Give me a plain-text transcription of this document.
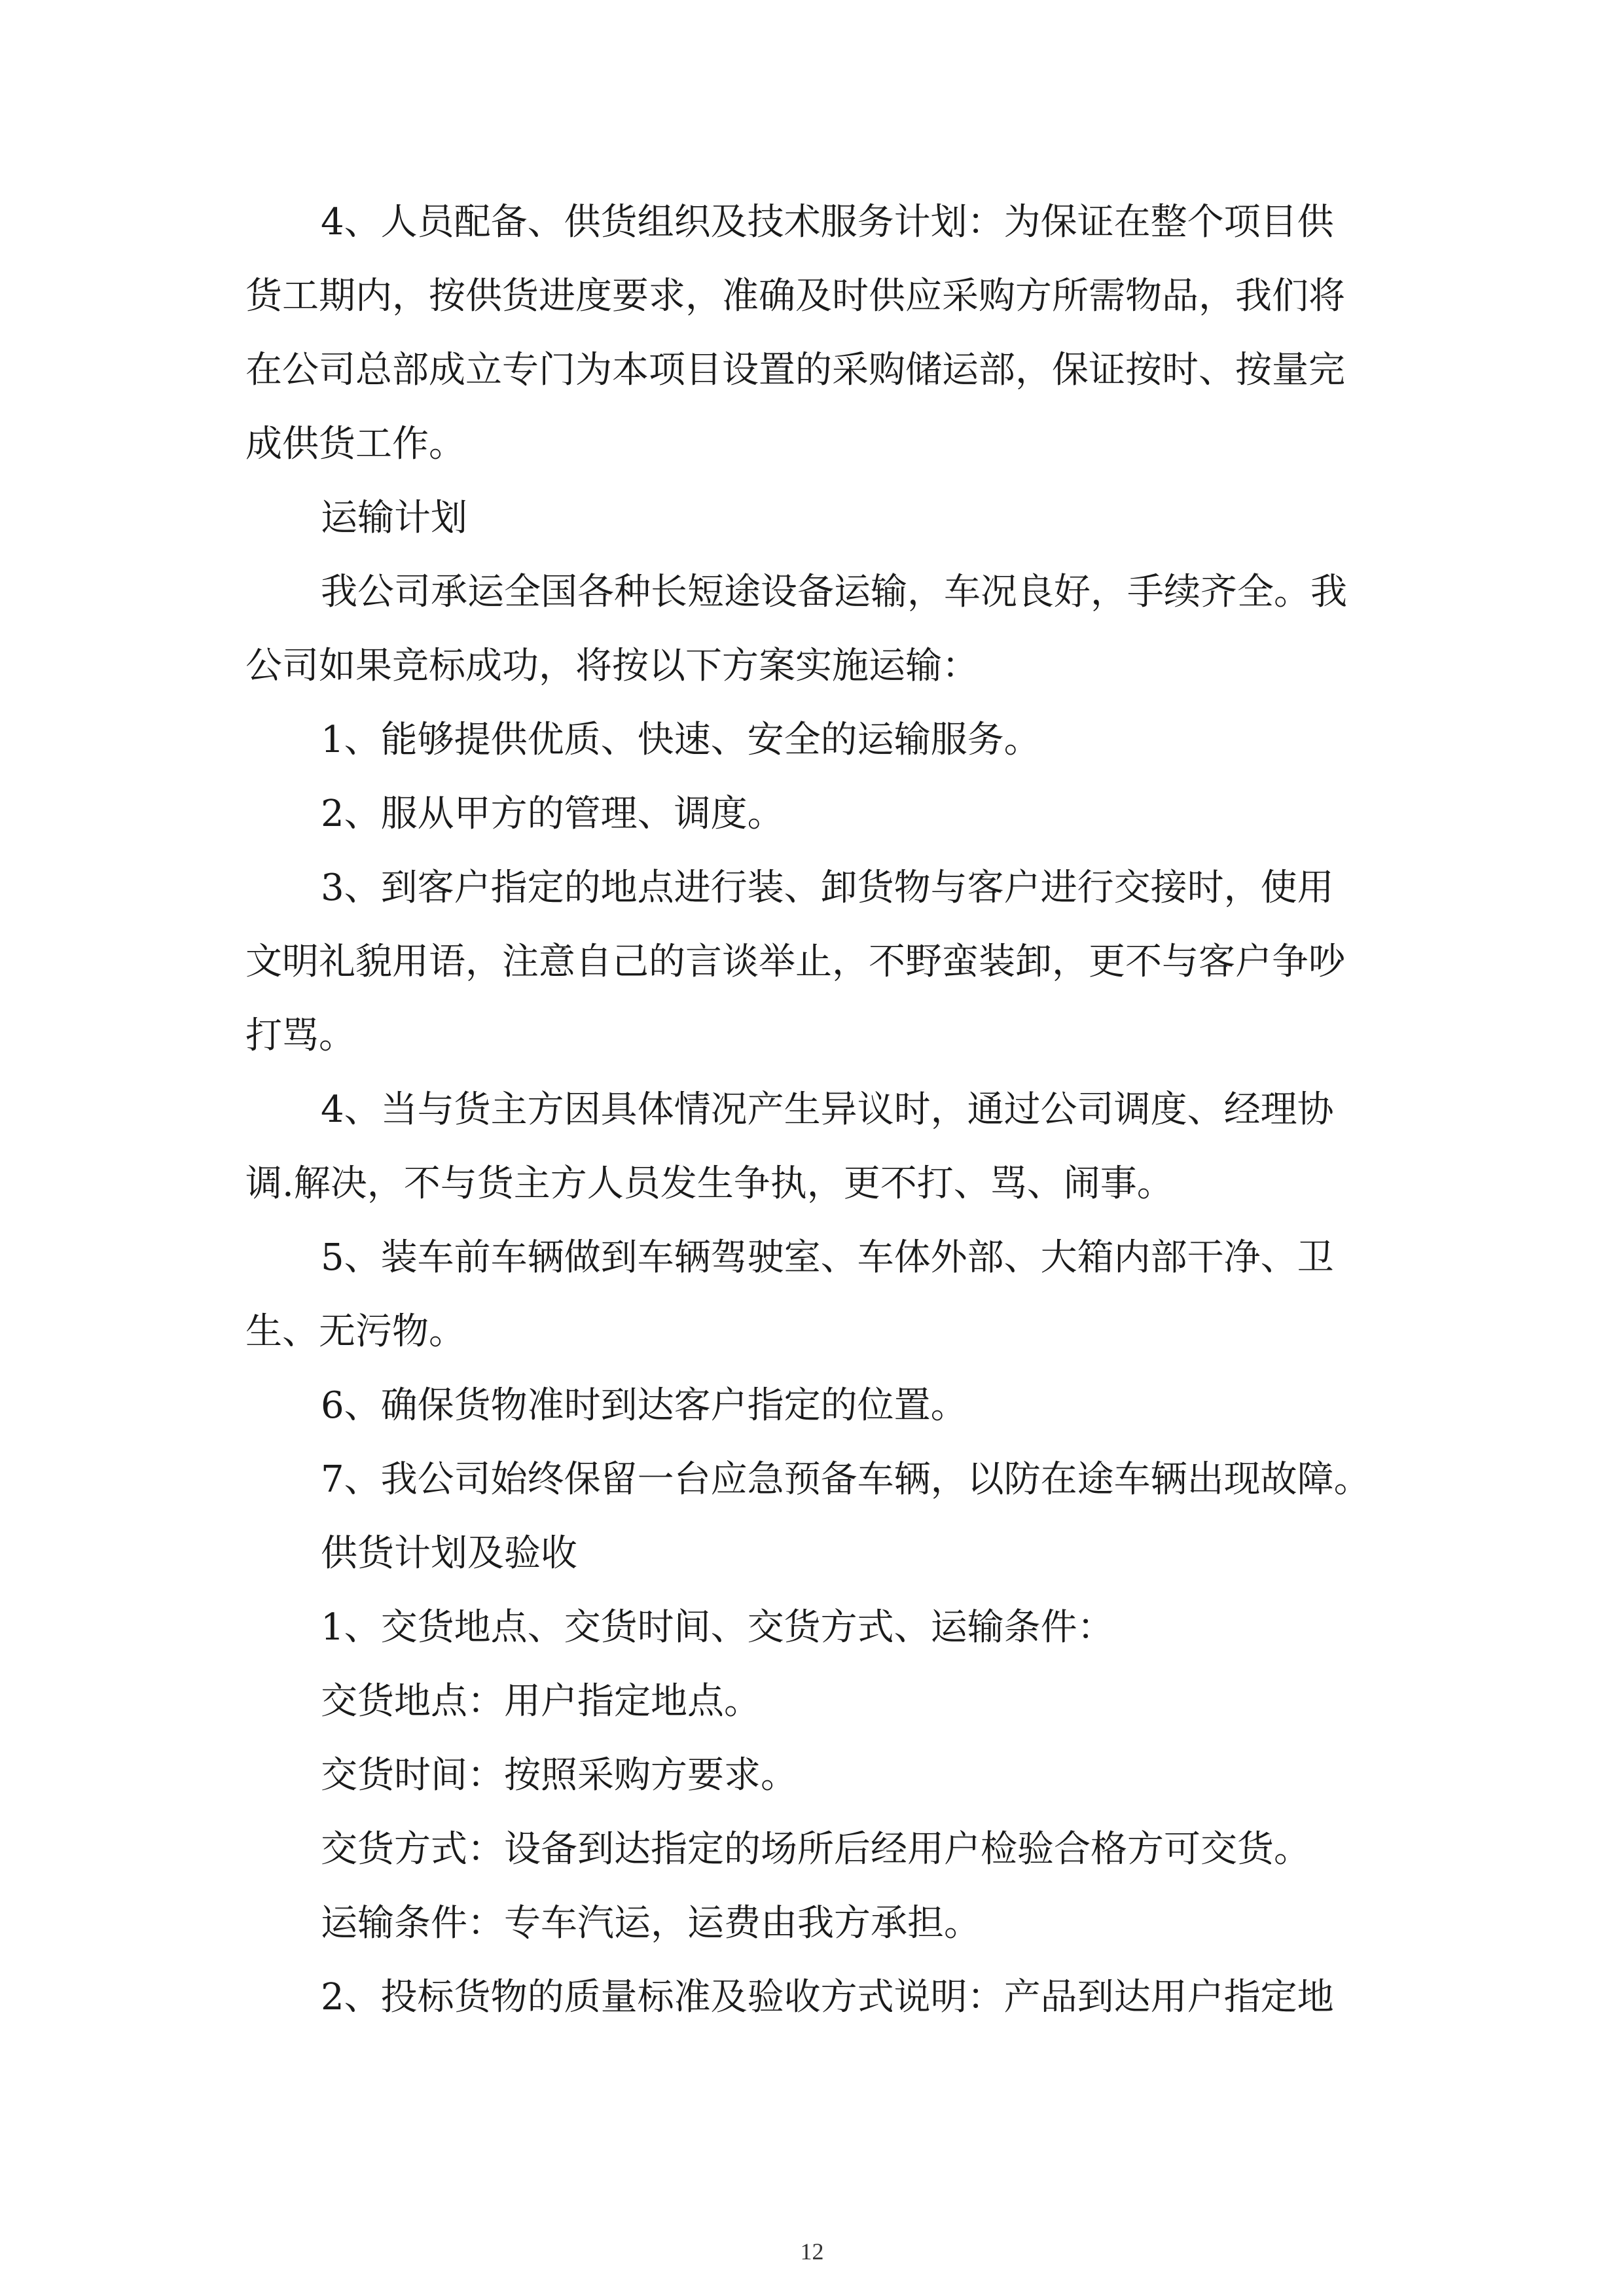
4、人员配备、供货组织及技术服务计划：为保证在整个项目供

货工期内，按供货进度要求，准确及时供应采购方所需物品，我们将

在公司总部成立专门为本项目设置的采购储运部，保证按时、按量完

成供货工作。

运输计划

我公司承运全国各种长短途设备运输，车况良好，手续齐全。我

公司如果竞标成功，将按以下方案实施运输：

1、能够提供优质、快速、安全的运输服务。

2、服从甲方的管理、调度。

3、到客户指定的地点进行装、卸货物与客户进行交接时，使用

文明礼貌用语，注意自己的言谈举止，不野蛮装卸，更不与客户争吵

打骂。

4、当与货主方因具体情况产生异议时，通过公司调度、经理协

调.解决，不与货主方人员发生争执，更不打、骂、闹事。

5、装车前车辆做到车辆驾驶室、车体外部、大箱内部干净、卫

生、无污物。

6、确保货物准时到达客户指定的位置。

7、我公司始终保留一台应急预备车辆，以防在途车辆出现故障。

供货计划及验收

1、交货地点、交货时间、交货方式、运输条件：

交货地点：用户指定地点。

交货时间：按照采购方要求。

交货方式：设备到达指定的场所后经用户检验合格方可交货。

运输条件：专车汽运，运费由我方承担。

2、投标货物的质量标准及验收方式说明：产品到达用户指定地

12
